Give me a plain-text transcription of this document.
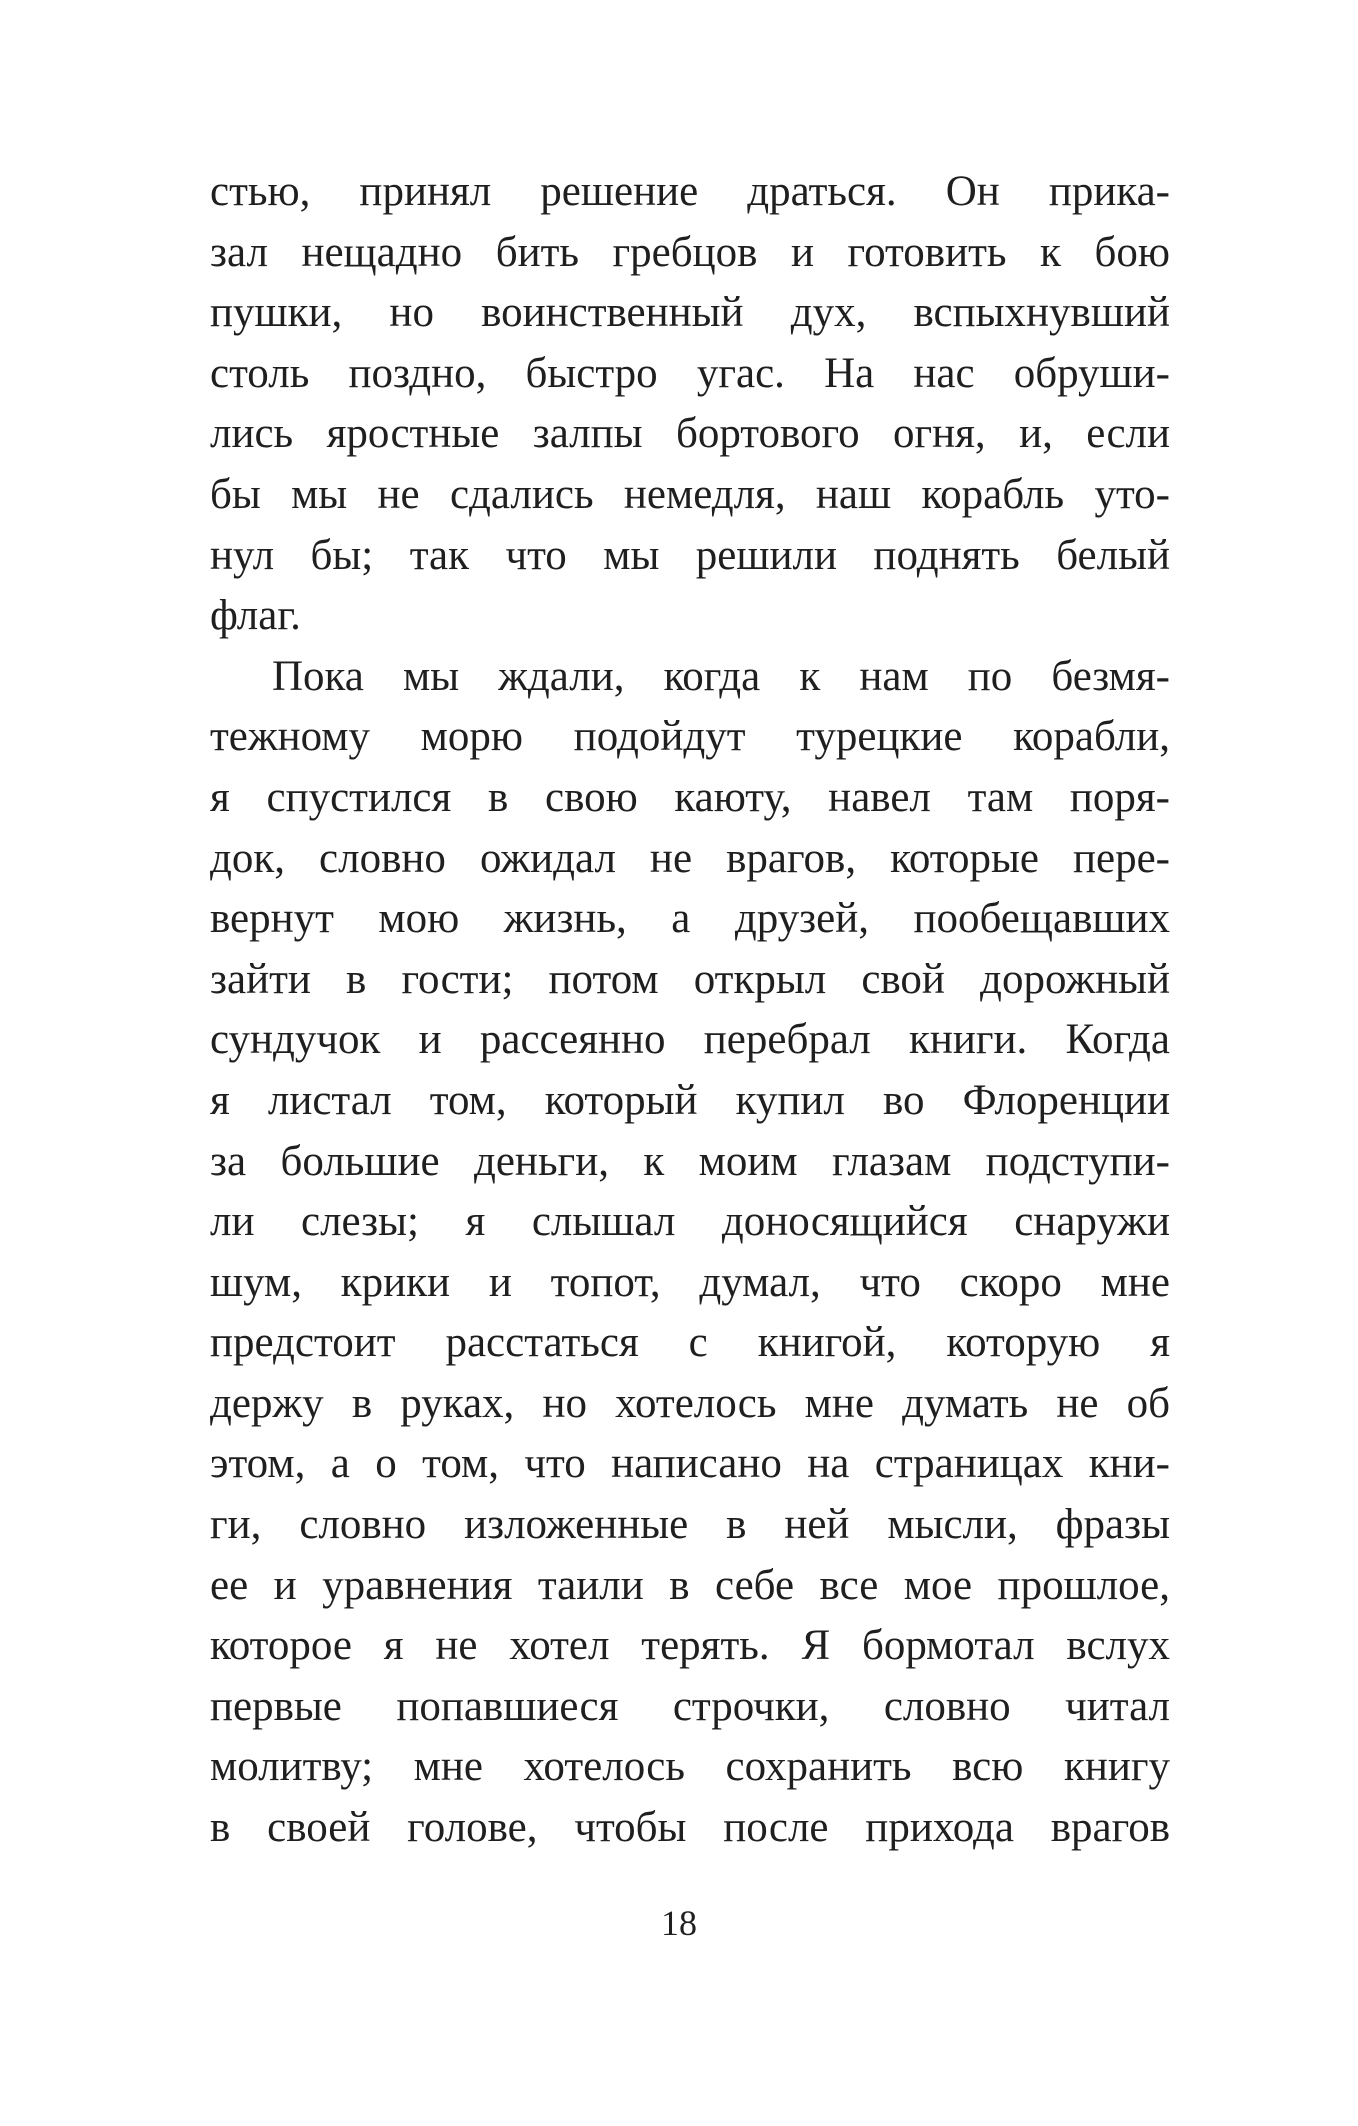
стью, принял решение драться. Он прика-
зал нещадно бить гребцов и готовить к бою
пушки, но воинственный дух, вспыхнувший
столь поздно, быстро угас. На нас обруши-
лись яростные залпы бортового огня, и, если
бы мы не сдались немедля, наш корабль уто-
нул бы; так что мы решили поднять белый
флаг.
Пока мы ждали, когда к нам по безмя-
тежному морю подойдут турецкие корабли,
я спустился в свою каюту, навел там поря-
док, словно ожидал не врагов, которые пере-
вернут мою жизнь, а друзей, пообещавших
зайти в гости; потом открыл свой дорожный
сундучок и рассеянно перебрал книги. Когда
я листал том, который купил во Флоренции
за большие деньги, к моим глазам подступи-
ли слезы; я слышал доносящийся снаружи
шум, крики и топот, думал, что скоро мне
предстоит расстаться с книгой, которую я
держу в руках, но хотелось мне думать не об
этом, а о том, что написано на страницах кни-
ги, словно изложенные в ней мысли, фразы
ее и уравнения таили в себе все мое прошлое,
которое я не хотел терять. Я бормотал вслух
первые попавшиеся строчки, словно читал
молитву; мне хотелось сохранить всю книгу
в своей голове, чтобы после прихода врагов
18
